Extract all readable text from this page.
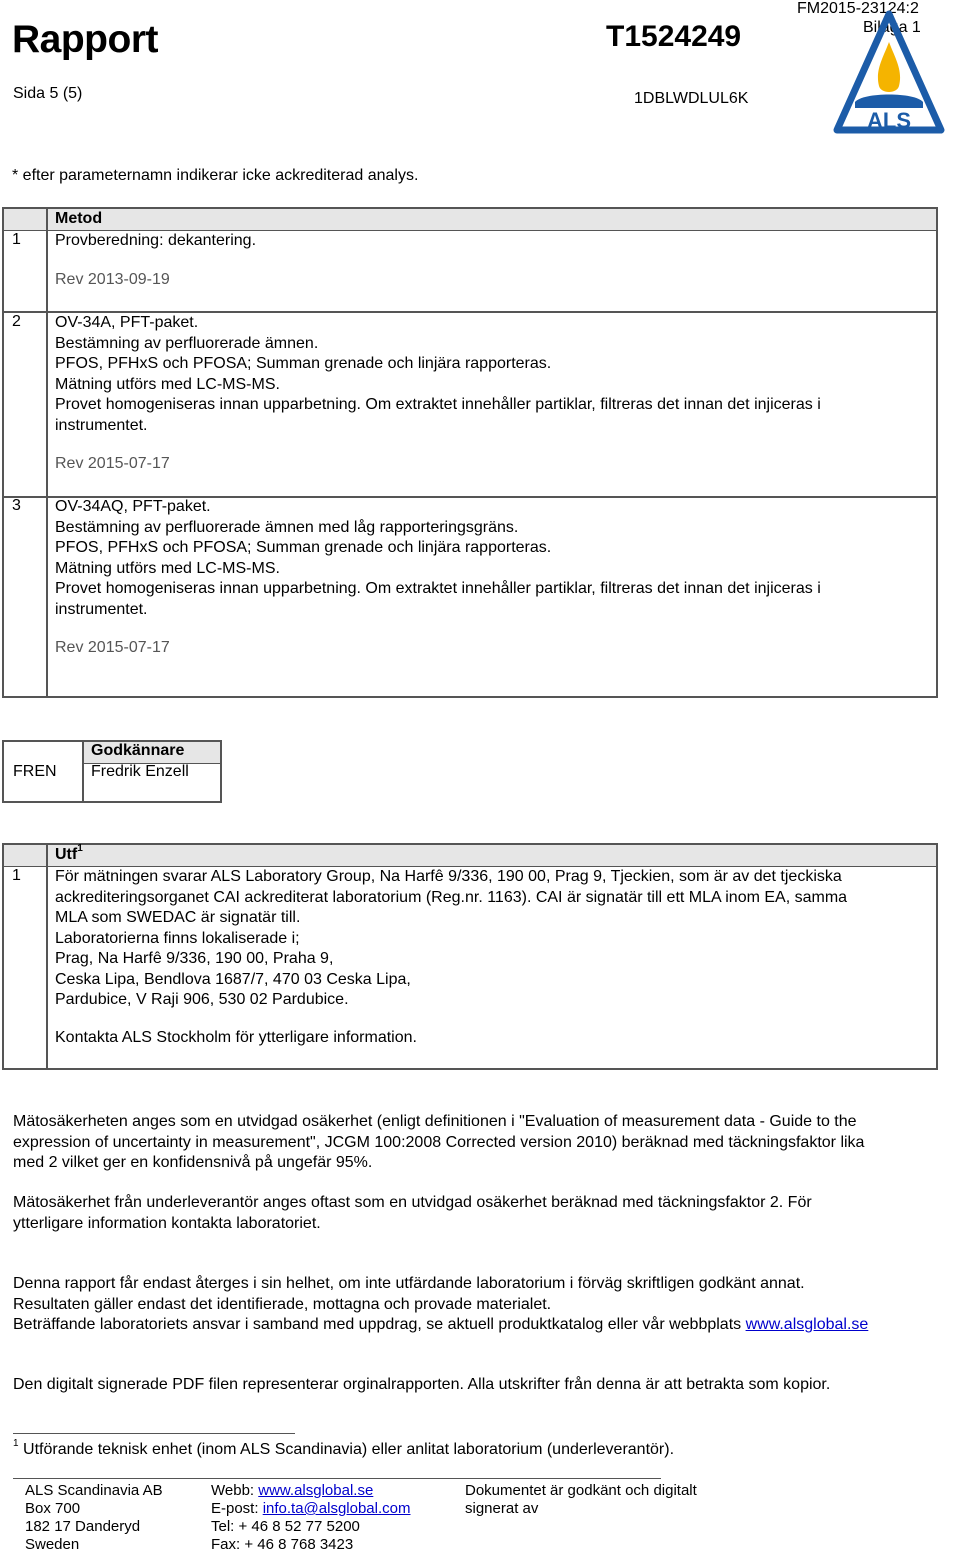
Rapport	T1524249
FM2015-23124:2
Bilaga 1
Sida 5 (5)	1DBLWDLUL6K
ALS
* efter parameternamn indikerar icke ackrediterad analys.
Metod
1 Provberedning: dekantering.
Rev 2013-09-19
2 OV-34A, PFT-paket.
Bestämning av perfluorerade ämnen.
PFOS, PFHxS och PFOSA; Summan grenade och linjära rapporteras.
Mätning utförs med LC-MS-MS.
Provet homogeniseras innan upparbetning. Om extraktet innehåller partiklar, filtreras det innan det injiceras i
instrumentet.
Rev 2015-07-17
3 OV-34AQ, PFT-paket.
Bestämning av perfluorerade ämnen med låg rapporteringsgräns.
PFOS, PFHxS och PFOSA; Summan grenade och linjära rapporteras.
Mätning utförs med LC-MS-MS.
Provet homogeniseras innan upparbetning. Om extraktet innehåller partiklar, filtreras det innan det injiceras i
instrumentet.
Rev 2015-07-17
Godkännare
FREN Fredrik Enzell
Utf$^1$
1 För mätningen svarar ALS Laboratory Group, Na Harfê 9/336, 190 00, Prag 9, Tjeckien, som är av det tjeckiska
ackrediteringsorganet CAI ackrediterat laboratorium (Reg.nr. 1163). CAI är signatär till ett MLA inom EA, samma
MLA som SWEDAC är signatär till.
Laboratorierna finns lokaliserade i;
Prag, Na Harfê 9/336, 190 00, Praha 9,
Ceska Lipa, Bendlova 1687/7, 470 03 Ceska Lipa,
Pardubice, V Raji 906, 530 02 Pardubice.
Kontakta ALS Stockholm för ytterligare information.
Mätosäkerheten anges som en utvidgad osäkerhet (enligt definitionen i "Evaluation of measurement data - Guide to the
expression of uncertainty in measurement", JCGM 100:2008 Corrected version 2010) beräknad med täckningsfaktor lika
med 2 vilket ger en konfidensnivå på ungefär 95%.
Mätosäkerhet från underleverantör anges oftast som en utvidgad osäkerhet beräknad med täckningsfaktor 2. För
ytterligare information kontakta laboratoriet.
Denna rapport får endast återges i sin helhet, om inte utfärdande laboratorium i förväg skriftligen godkänt annat.
Resultaten gäller endast det identifierade, mottagna och provade materialet.
Beträffande laboratoriets ansvar i samband med uppdrag, se aktuell produktkatalog eller vår webbplats www.alsglobal.se
Den digitalt signerade PDF filen representerar orginalrapporten. Alla utskrifter från denna är att betrakta som kopior.
$^1$ Utförande teknisk enhet (inom ALS Scandinavia) eller anlitat laboratorium (underleverantör).
ALS Scandinavia AB
Box 700
182 17 Danderyd
Sweden
Webb: www.alsglobal.se
E-post: info.ta@alsglobal.com
Tel: + 46 8 52 77 5200
Fax: + 46 8 768 3423
Dokumentet är godkänt och digitalt
signerat av
